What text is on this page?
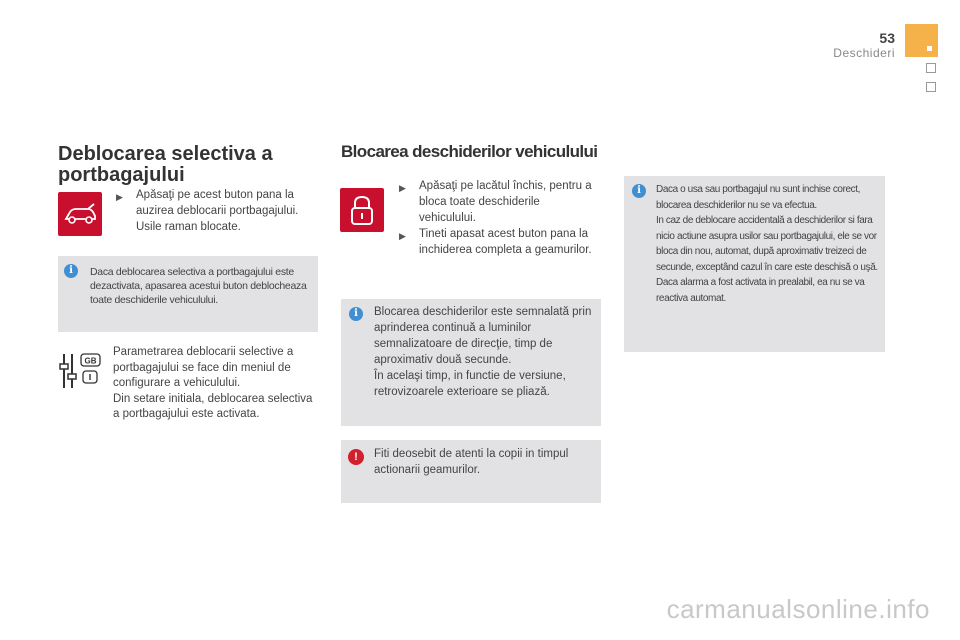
53
Deschideri
Deblocarea selectiva a portbagajului
▶	Apăsaţi pe acest buton pana la auzirea deblocarii portbagajului. Usile raman blocate.
i	Daca deblocarea selectiva a portbagajului este dezactivata, apasarea acestui buton deblocheaza toate deschiderile vehiculului.
GB
Parametrarea deblocarii selective a portbagajului se face din meniul de configurare a vehiculului.
Din setare initiala, deblocarea selectiva a portbagajului este activata.
Blocarea deschiderilor vehiculului
▶	Apăsaţi pe lacătul închis, pentru a bloca toate deschiderile vehiculului.
▶	Tineti apasat acest buton pana la inchiderea completa a geamurilor.
i	Blocarea deschiderilor este semnalată prin aprinderea continuă a luminilor semnalizatoare de direcţie, timp de aproximativ două secunde.
În acelaşi timp, in functie de versiune, retrovizoarele exterioare se pliază.
!	Fiti deosebit de atenti la copii in timpul actionarii geamurilor.
i	Daca o usa sau portbagajul nu sunt inchise corect, blocarea deschiderilor nu se va efectua.
In caz de deblocare accidentală a deschiderilor si fara nicio actiune asupra usilor sau portbagajului, ele se vor bloca din nou, automat, după aproximativ treizeci de secunde, exceptând cazul în care este deschisă o uşă.
Daca alarma a fost activata in prealabil, ea nu se va reactiva automat.
carmanualsonline.info
